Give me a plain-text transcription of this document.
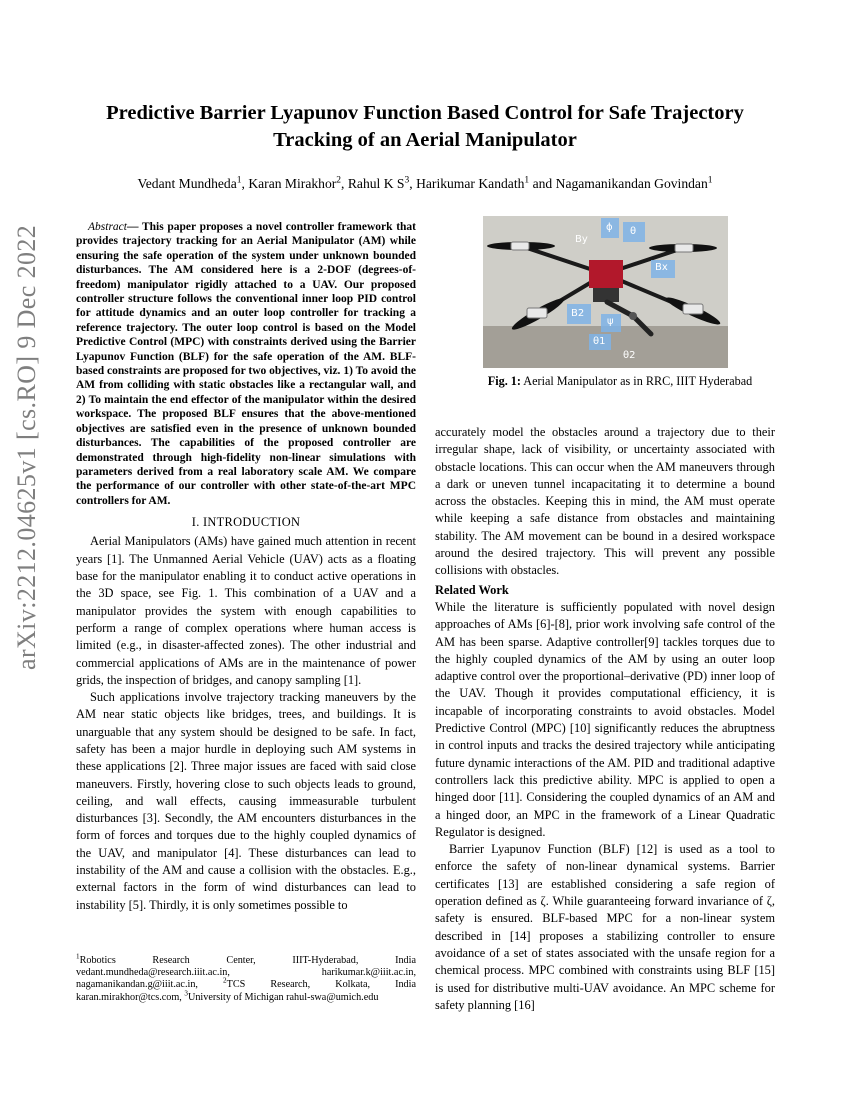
arXiv:2212.04625v1 [cs.RO] 9 Dec 2022
Predictive Barrier Lyapunov Function Based Control for Safe Trajectory Tracking of an Aerial Manipulator
Vedant Mundheda$^1$, Karan Mirakhor$^2$, Rahul K $S^3$, Harikumar Kandath$^1$ and Nagamanikandan Govindan$^1$

Abstract— This paper proposes a novel controller framework that provides trajectory tracking for an Aerial Manipulator (AM) while ensuring the safe operation of the system under unknown bounded disturbances. The AM considered here is a 2-DOF (degrees-of-freedom) manipulator rigidly attached to a UAV. Our proposed controller structure follows the conventional inner loop PID control for attitude dynamics and an outer loop controller for tracking a reference trajectory. The outer loop control is based on the Model Predictive Control (MPC) with constraints derived using the Barrier Lyapunov Function (BLF) for the safe operation of the AM. BLF-based constraints are proposed for two objectives, viz. 1) To avoid the AM from colliding with static obstacles like a rectangular wall, and 2) To maintain the end effector of the manipulator within the desired workspace. The proposed BLF ensures that the above-mentioned objectives are satisfied even in the presence of unknown bounded disturbances. The capabilities of the proposed controller are demonstrated through high-fidelity non-linear simulations with parameters derived from a real laboratory scale AM. We compare the performance of our controller with other state-of-the-art MPC controllers for AM.

I. INTRODUCTION

Aerial Manipulators (AMs) have gained much attention in recent years [1]. The Unmanned Aerial Vehicle (UAV) acts as a floating base for the manipulator enabling it to conduct active operations in the 3D space, see Fig. 1. This combination of a UAV and a manipulator provides the system with enough capabilities to perform a range of complex operations where human access is limited (e.g., in disaster-affected zones). The other industrial and commercial applications of AMs are in the maintenance of power grids, the inspection of bridges, and canopy sampling [1].

Such applications involve trajectory tracking maneuvers by the AM near static objects like bridges, trees, and buildings. It is unarguable that any system should be designed to be safe. In fact, safety has been a major hurdle in deploying such AM systems in these applications [2]. Three major issues are faced with said close maneuvers. Firstly, hovering close to such objects leads to ground, ceiling, and wall effects, causing immeasurable turbulent disturbances [3]. Secondly, the AM encounters disturbances in the form of forces and torques due to the highly coupled dynamics of the UAV, and manipulator [4]. These disturbances can lead to instability of the AM and cause a collision with the obstacles. E.g., external factors in the form of wind disturbances can lead to instability [5]. Thirdly, it is only sometimes possible to

$^1$Robotics Research Center, IIIT-Hyderabad, India vedant.mundheda@research.iiit.ac.in, harikumar.k@iiit.ac.in, nagamanikandan.g@iiit.ac.in,	$^2$TCS Research, Kolkata, India karan.mirakhor@tcs.com, $^3$University of Michigan rahul-swa@umich.edu
By
ϕ θ
Bx
B2
ψ
θ1
θ2
Fig. 1: Aerial Manipulator as in RRC, IIIT Hyderabad

accurately model the obstacles around a trajectory due to their irregular shape, lack of visibility, or uncertainty associated with obstacle locations. This can occur when the AM maneuvers through a dark or uneven tunnel incapacitating it to determine a bound across the obstacles. Keeping this in mind, the AM must operate while keeping a safe distance from obstacles and maintaining stability. The AM movement can be bound in a desired workspace around the desired trajectory. This will prevent any possible collisions with obstacles.

Related Work

While the literature is sufficiently populated with novel design approaches of AMs [6]-[8], prior work involving safe control of the AM has been sparse. Adaptive controller[9] tackles torques due to the highly coupled dynamics of the AM by using an outer loop adaptive control over the proportional–derivative (PD) inner loop of the UAV. Though it provides computational efficiency, it is incapable of incorporating constraints to avoid obstacles. Model Predictive Control (MPC) [10] significantly reduces the abruptness in control inputs and tracks the desired trajectory while anticipating future dynamic interactions of the AM. PID and traditional adaptive controllers lack this predictive ability. MPC is applied to open a hinged door [11]. Considering the coupled dynamics of an AM and a hinged door, an MPC in the framework of a Linear Quadratic Regulator is designed.

Barrier Lyapunov Function (BLF) [12] is used as a tool to enforce the safety of non-linear dynamical systems. Barrier certificates [13] are established considering a safe region of operation defined as ζ. While guaranteeing forward invariance of ζ, safety is ensured. BLF-based MPC for a non-linear system described in [14] proposes a stabilizing controller to ensure avoidance of a set of states associated with the unsafe region for a chemical process. MPC combined with constraints using BLF [15] is used for distributive multi-UAV avoidance. An MPC scheme for safety planning [16]
